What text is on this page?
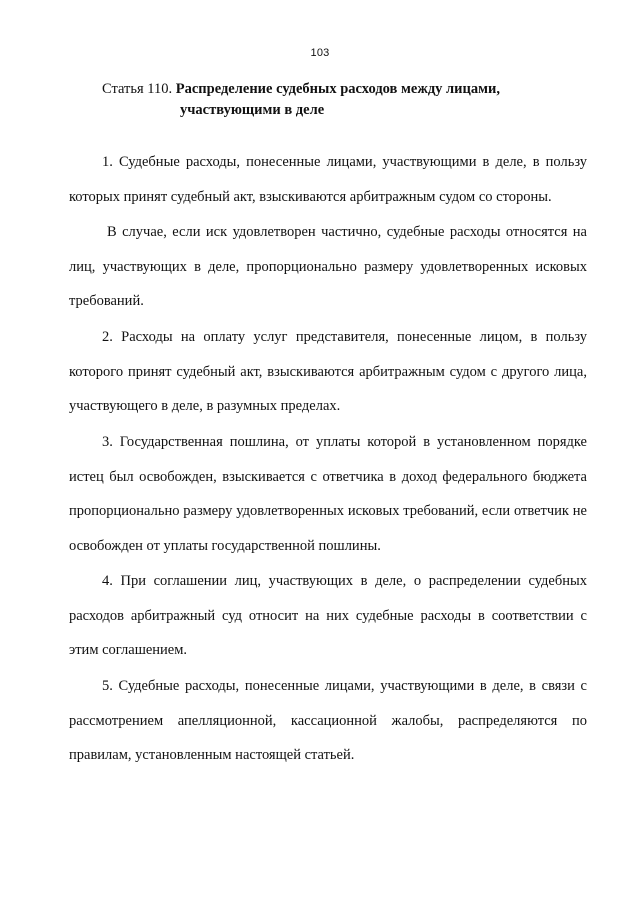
103
Статья 110. Распределение судебных расходов между лицами,
участвующими в деле

1. Судебные расходы, понесенные лицами, участвующими в деле, в пользу которых принят судебный акт, взыскиваются арбитражным судом со стороны.

В случае, если иск удовлетворен частично, судебные расходы относятся на лиц, участвующих в деле, пропорционально размеру удовлетворенных исковых требований.

2. Расходы на оплату услуг представителя, понесенные лицом, в пользу которого принят судебный акт, взыскиваются арбитражным судом с другого лица, участвующего в деле, в разумных пределах.

3. Государственная пошлина, от уплаты которой в установленном порядке истец был освобожден, взыскивается с ответчика в доход федерального бюджета пропорционально размеру удовлетворенных исковых требований, если ответчик не освобожден от уплаты государственной пошлины.

4. При соглашении лиц, участвующих в деле, о распределении судебных расходов арбитражный суд относит на них судебные расходы в соответствии с этим соглашением.

5. Судебные расходы, понесенные лицами, участвующими в деле, в связи с рассмотрением апелляционной, кассационной жалобы, распределяются по правилам, установленным настоящей статьей.
